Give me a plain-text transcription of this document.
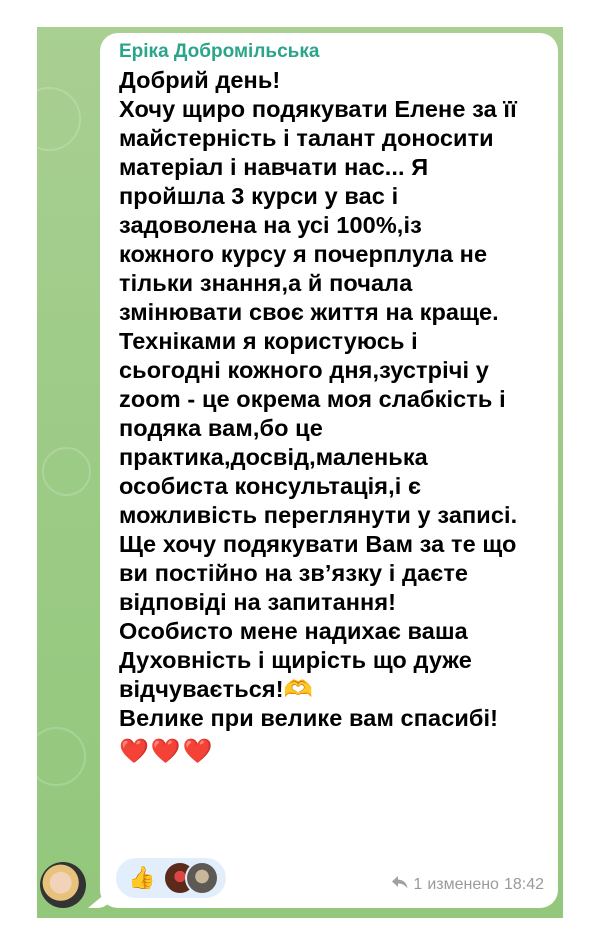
Еріка Добромільська
Добрий день!
Хочу щиро подякувати Елене за її
майстерність і талант доносити
матеріал і навчати нас... Я
пройшла 3 курси у вас і
задоволена на усі 100%,із
кожного курсу я почерплула не
тільки знання,а й почала
змінювати своє життя на краще.
Техніками я користуюсь і
сьогодні кожного дня,зустрічі у
zoom - це окрема моя слабкість і
подяка вам,бо це
практика,досвід,маленька
особиста консультація,і є
можливість переглянути у записі.
Ще хочу подякувати Вам за те що
ви постійно на зв’язку і даєте
відповіді на запитання!
Особисто мене надихає ваша
Духовність і щирість що дуже
відчувається!🫶
Велике при велике вам спасибі!
❤️❤️❤️
👍	1 изменено 18:42
